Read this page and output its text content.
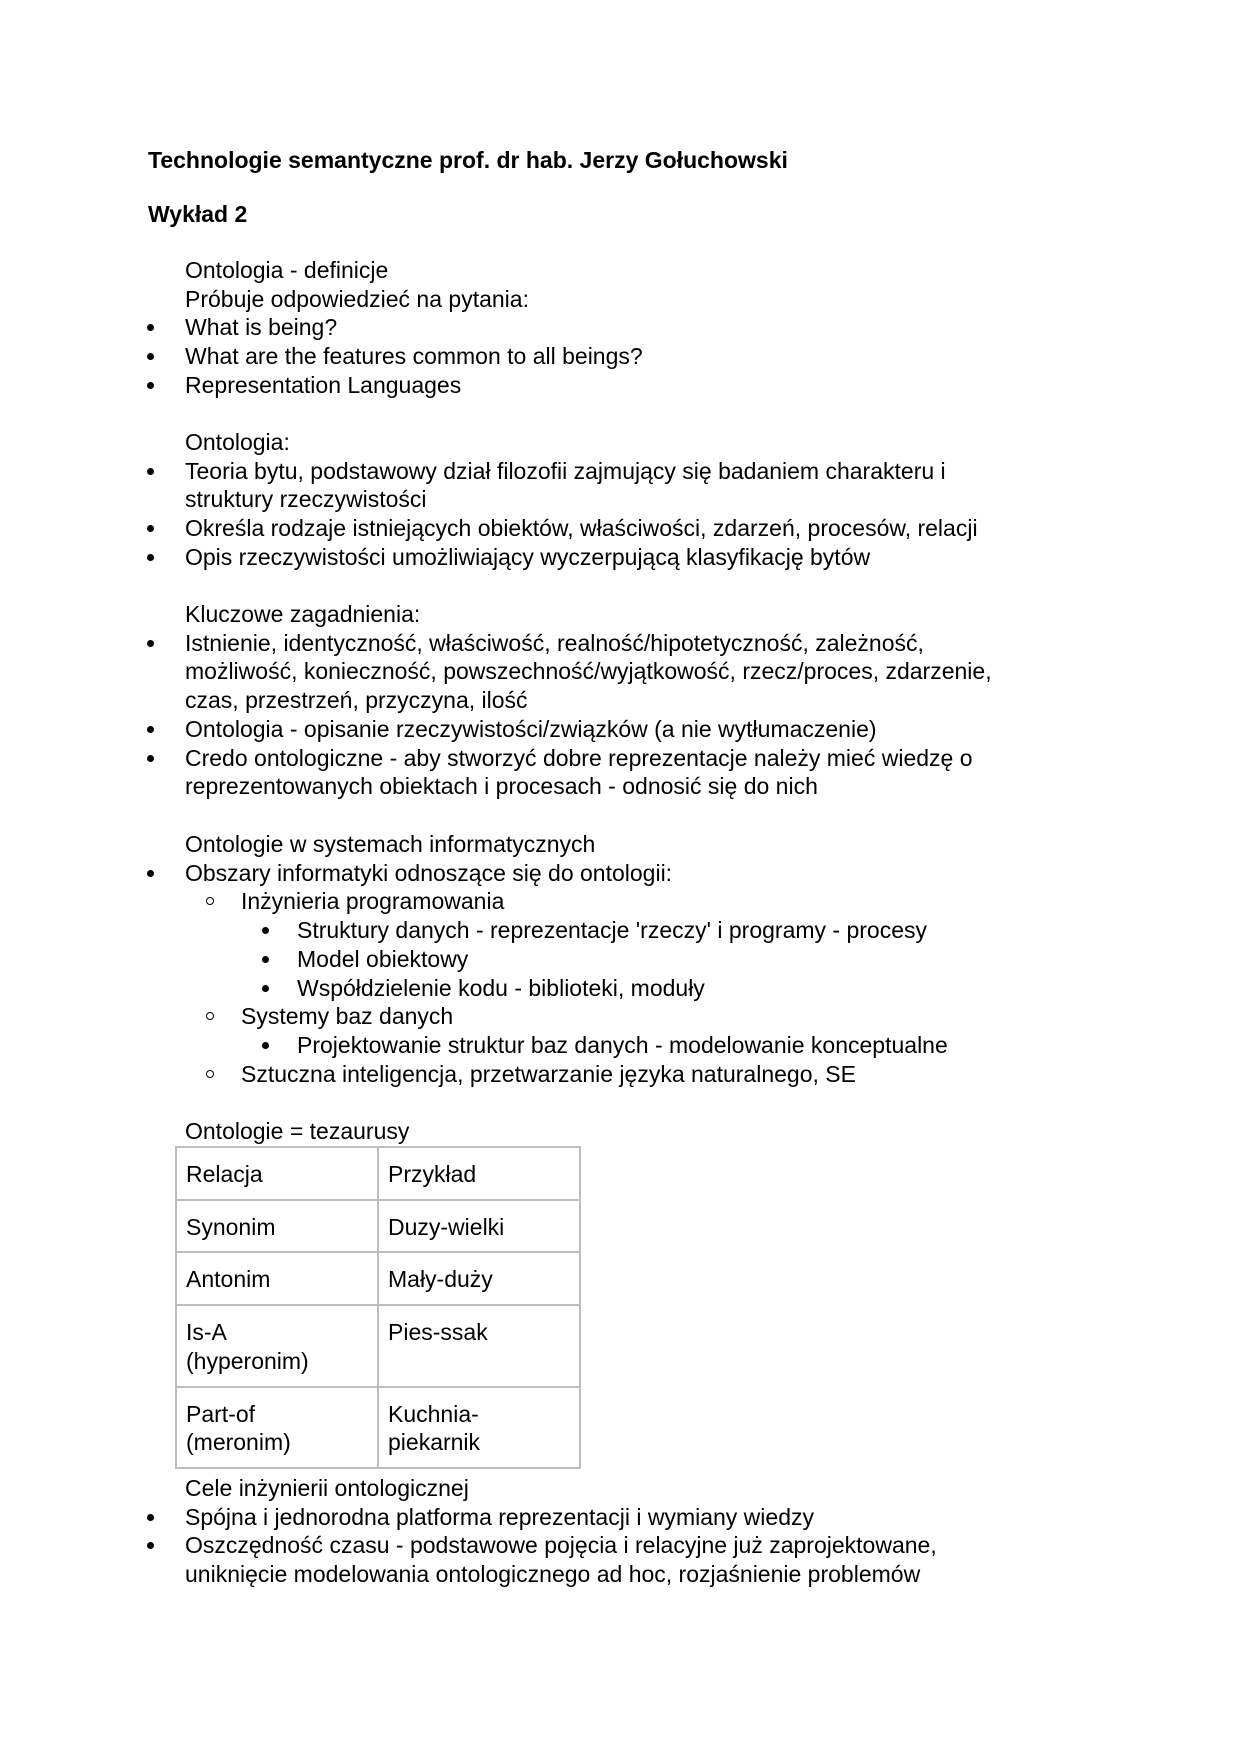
Technologie semantyczne prof. dr hab. Jerzy Gołuchowski
Wykład 2
Ontologia - definicje
Próbuje odpowiedzieć na pytania:
What is being?
What are the features common to all beings?
Representation Languages
Ontologia:
Teoria bytu, podstawowy dział filozofii zajmujący się badaniem charakteru i
struktury rzeczywistości
Określa rodzaje istniejących obiektów, właściwości, zdarzeń, procesów, relacji
Opis rzeczywistości umożliwiający wyczerpującą klasyfikację bytów
Kluczowe zagadnienia:
Istnienie, identyczność, właściwość, realność/hipotetyczność, zależność,
możliwość, konieczność, powszechność/wyjątkowość, rzecz/proces, zdarzenie,
czas, przestrzeń, przyczyna, ilość
Ontologia - opisanie rzeczywistości/związków (a nie wytłumaczenie)
Credo ontologiczne - aby stworzyć dobre reprezentacje należy mieć wiedzę o
reprezentowanych obiektach i procesach - odnosić się do nich
Ontologie w systemach informatycznych
Obszary informatyki odnoszące się do ontologii:
Inżynieria programowania
Struktury danych - reprezentacje 'rzeczy' i programy - procesy
Model obiektowy
Współdzielenie kodu - biblioteki, moduły
Systemy baz danych
Projektowanie struktur baz danych - modelowanie konceptualne
Sztuczna inteligencja, przetwarzanie języka naturalnego, SE
Ontologie = tezaurusy
Relacja	Przykład
Synonim	Duzy-wielki
Antonim	Mały-duży
Is-A
(hyperonim)	Pies-ssak
Part-of
(meronim)	Kuchnia-
piekarnik
Cele inżynierii ontologicznej
Spójna i jednorodna platforma reprezentacji i wymiany wiedzy
Oszczędność czasu - podstawowe pojęcia i relacyjne już zaprojektowane,
uniknięcie modelowania ontologicznego ad hoc, rozjaśnienie problemów
